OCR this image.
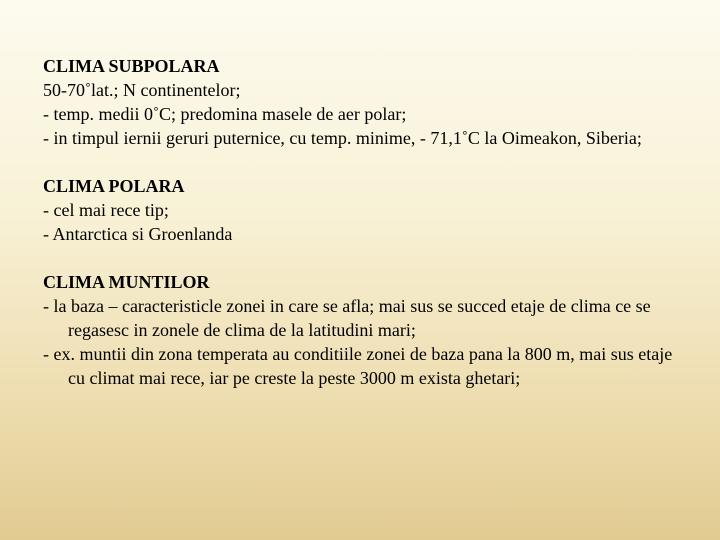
CLIMA SUBPOLARA
50-70˚lat.; N continentelor;
- temp. medii 0˚C; predomina masele de aer polar;
- in timpul iernii geruri puternice, cu temp. minime, - 71,1˚C la Oimeakon, Siberia;
CLIMA POLARA
- cel mai rece tip;
- Antarctica si Groenlanda
CLIMA MUNTILOR
- la baza – caracteristicle zonei in care se afla; mai sus se succed etaje de clima ce se regasesc in zonele de clima de la latitudini mari;
- ex. muntii din zona temperata au conditiile zonei de baza pana la 800 m, mai sus etaje cu climat mai rece, iar pe creste la peste 3000 m exista ghetari;
